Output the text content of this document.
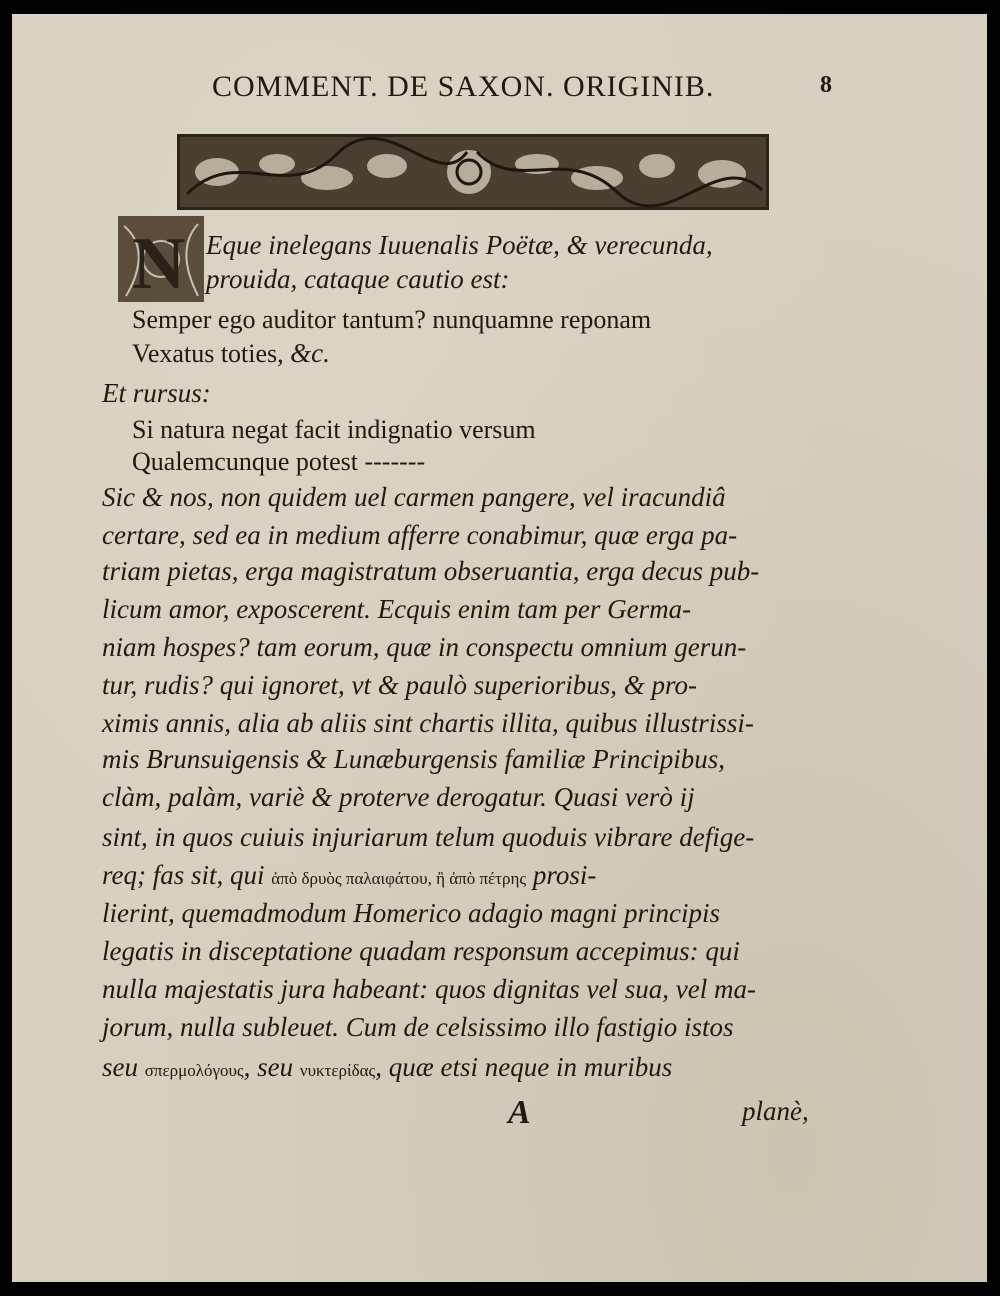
COMMENT. DE SAXON. ORIGINIB.	8
N Eque inelegans Iuuenalis Poëtæ, & verecunda,
prouida, cataque cautio est:
Semper ego auditor tantum? nunquamne reponam
Vexatus toties, &c.
Et rursus:
Si natura negat facit indignatio versum
Qualemcunque potest -------
Sic & nos, non quidem uel carmen pangere, vel iracundiâ
certare, sed ea in medium afferre conabimur, quæ erga pa-
triam pietas, erga magistratum obseruantia, erga decus pub-
licum amor, exposcerent. Ecquis enim tam per Germa-
niam hospes? tam eorum, quæ in conspectu omnium gerun-
tur, rudis? qui ignoret, vt & paulò superioribus, & pro-
ximis annis, alia ab aliis sint chartis illita, quibus illustrissi-
mis Brunsuigensis & Lunæburgensis familiæ Principibus,
clàm, palàm, variè & proterve derogatur. Quasi verò ij
sint, in quos cuiuis injuriarum telum quoduis vibrare defige-
req; fas sit, qui ἀπὸ δρυὸς παλαιφάτου, ἢ ἀπὸ πέτρης prosi-
lierint, quemadmodum Homerico adagio magni principis
legatis in disceptatione quadam responsum accepimus: qui
nulla majestatis jura habeant: quos dignitas vel sua, vel ma-
jorum, nulla subleuet. Cum de celsissimo illo fastigio istos
seu σπερμολόγους, seu νυκτερίδας, quæ etsi neque in muribus
A	planè,
